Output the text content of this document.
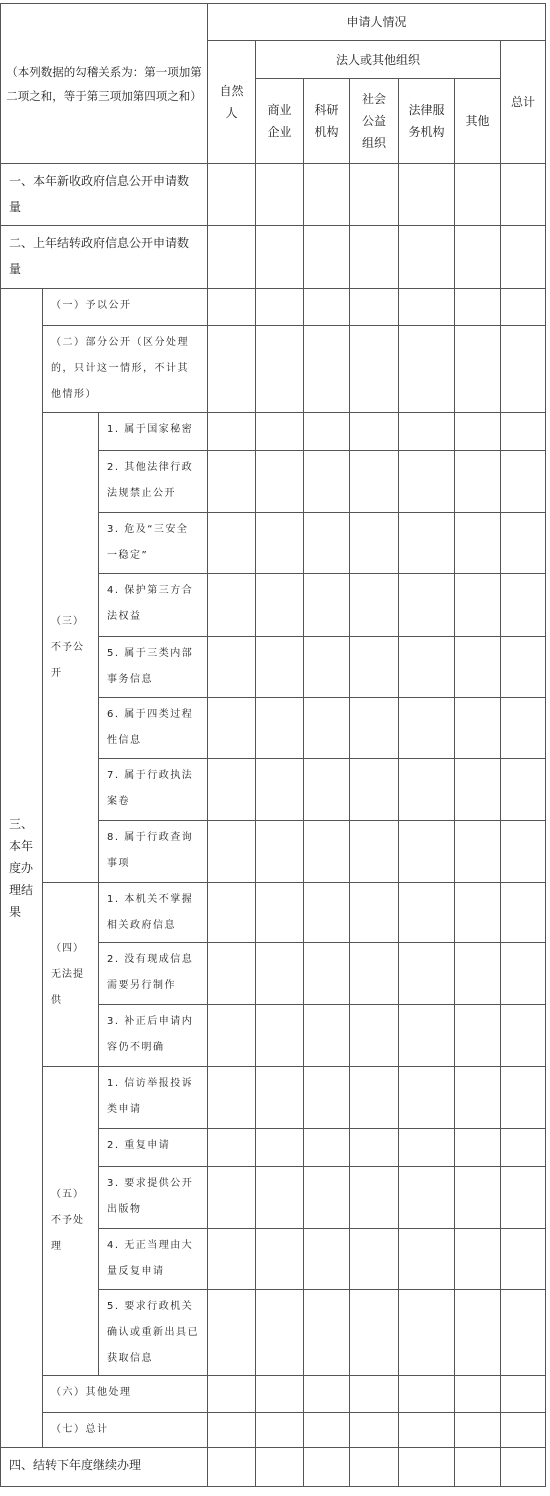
（本列数据的勾稽关系为：第一项加第二项之和，等于第三项加第四项之和）
申请人情况
自然
人
法人或其他组织
总计
商业
企业
科研
机构
社会
公益
组织
法律服
务机构
其他
一、本年新收政府信息公开申请数量
二、上年结转政府信息公开申请数量
三、
本年
度办
理结
果
（一）予以公开
（二）部分公开（区分处理的，只计这一情形，不计其他情形）
（三）
不予公
开
1. 属于国家秘密
2. 其他法律行政法规禁止公开
3. 危及“三安全一稳定”
4. 保护第三方合法权益
5. 属于三类内部事务信息
6. 属于四类过程性信息
7. 属于行政执法案卷
8. 属于行政查询事项
（四）
无法提
供
1. 本机关不掌握相关政府信息
2. 没有现成信息需要另行制作
3. 补正后申请内容仍不明确
（五）
不予处
理
1. 信访举报投诉类申请
2. 重复申请
3. 要求提供公开出版物
4. 无正当理由大量反复申请
5. 要求行政机关确认或重新出具已获取信息
（六）其他处理
（七）总计
四、结转下年度继续办理
